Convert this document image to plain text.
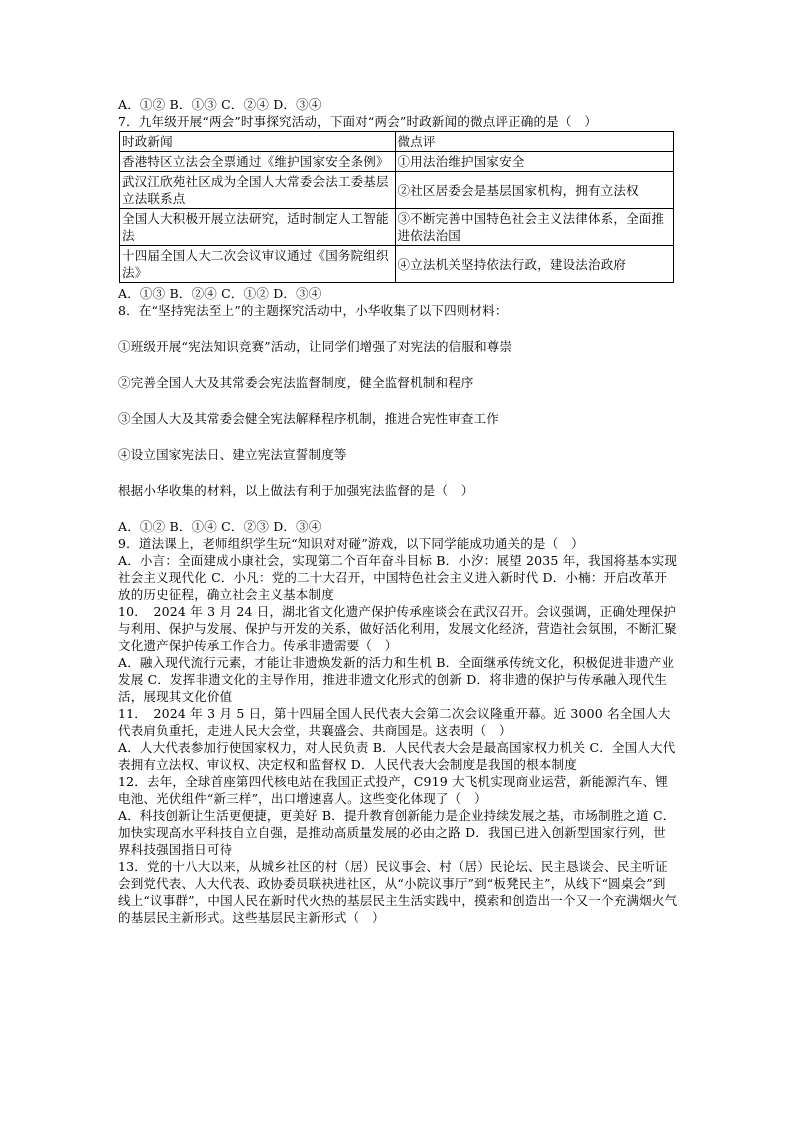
A．①② B．①③ C．②④ D．③④

7．九年级开展“两会”时事探究活动，下面对“两会”时政新闻的微点评正确的是（　）

时政新闻	微点评
香港特区立法会全票通过《维护国家安全条例》	①用法治维护国家安全
武汉江欣苑社区成为全国人大常委会法工委基层立法联系点	②社区居委会是基层国家机构，拥有立法权
全国人大积极开展立法研究，适时制定人工智能法	③不断完善中国特色社会主义法律体系，全面推进依法治国
十四届全国人大二次会议审议通过《国务院组织法》	④立法机关坚持依法行政，建设法治政府

A．①③ B．②④ C．①② D．③④

8．在“坚持宪法至上”的主题探究活动中，小华收集了以下四则材料：

①班级开展“宪法知识竞赛”活动，让同学们增强了对宪法的信服和尊崇

②完善全国人大及其常委会宪法监督制度，健全监督机制和程序

③全国人大及其常委会健全宪法解释程序机制，推进合宪性审查工作

④设立国家宪法日、建立宪法宣誓制度等

根据小华收集的材料，以上做法有利于加强宪法监督的是（　）

A．①② B．①④ C．②③ D．③④

9．道法课上，老师组织学生玩“知识对对碰”游戏，以下同学能成功通关的是（　）

A．小言：全面建成小康社会，实现第二个百年奋斗目标 B．小汐：展望 2035 年，我国将基本实现社会主义现代化 C．小凡：党的二十大召开，中国特色社会主义进入新时代 D．小楠：开启改革开放的历史征程，确立社会主义基本制度

10．　2024 年 3 月 24 日，湖北省文化遗产保护传承座谈会在武汉召开。会议强调，正确处理保护与利用、保护与发展、保护与开发的关系，做好活化利用，发展文化经济，营造社会氛围，不断汇聚文化遗产保护传承工作合力。传承非遗需要（　）

A．融入现代流行元素，才能让非遗焕发新的活力和生机 B．全面继承传统文化，积极促进非遗产业发展 C．发挥非遗文化的主导作用，推进非遗文化形式的创新 D．将非遗的保护与传承融入现代生活，展现其文化价值

11．　2024 年 3 月 5 日，第十四届全国人民代表大会第二次会议隆重开幕。近 3000 名全国人大代表肩负重托，走进人民大会堂，共襄盛会、共商国是。这表明（　）

A．人大代表参加行使国家权力，对人民负责 B．人民代表大会是最高国家权力机关 C．全国人大代表拥有立法权、审议权、决定权和监督权 D．人民代表大会制度是我国的根本制度

12．去年，全球首座第四代核电站在我国正式投产，C919 大飞机实现商业运营，新能源汽车、锂电池、光伏组件“新三样”，出口增速喜人。这些变化体现了（　）

A．科技创新让生活更便捷，更美好 B．提升教育创新能力是企业持续发展之基，市场制胜之道 C．加快实现高水平科技自立自强，是推动高质量发展的必由之路 D．我国已进入创新型国家行列，世界科技强国指日可待

13．党的十八大以来，从城乡社区的村（居）民议事会、村（居）民论坛、民主恳谈会、民主听证会到党代表、人大代表、政协委员联袂进社区，从“小院议事厅”到“板凳民主”，从线下“圆桌会”到线上“议事群”，中国人民在新时代火热的基层民主生活实践中，摸索和创造出一个又一个充满烟火气的基层民主新形式。这些基层民主新形式（　）
